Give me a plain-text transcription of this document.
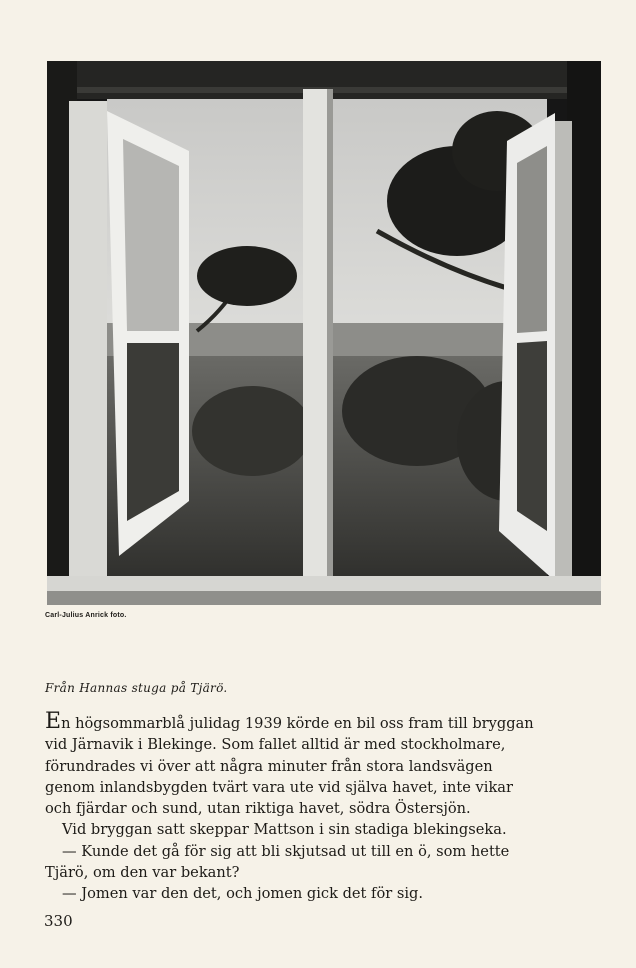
Carl-Julius Anrick foto.
Från Hannas stuga på Tjärö.

En högsommarblå julidag 1939 körde en bil oss fram till bryggan vid Järnavik i Blekinge. Som fallet alltid är med stockholmare, förundrades vi över att några minuter från stora landsvägen genom inlandsbygden tvärt vara ute vid själva havet, inte vikar och fjärdar och sund, utan riktiga havet, södra Östersjön.

Vid bryggan satt skeppar Mattson i sin stadiga blekingseka.

— Kunde det gå för sig att bli skjutsad ut till en ö, som hette Tjärö, om den var bekant?

— Jomen var den det, och jomen gick det för sig.

330
